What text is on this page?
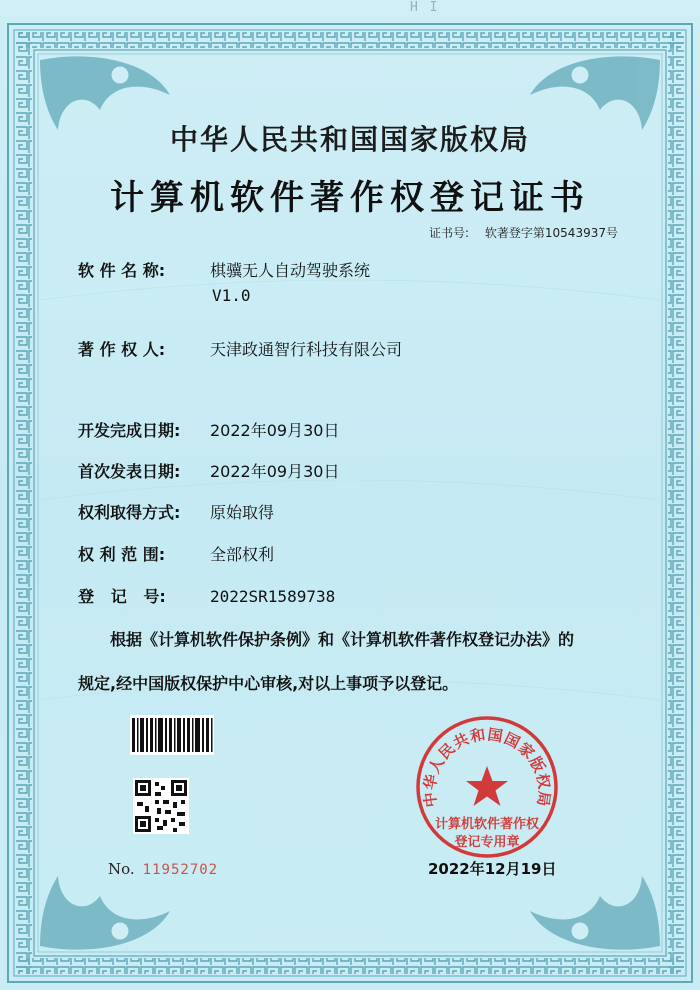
H I
中华人民共和国国家版权局
计算机软件著作权登记证书
证书号: 软著登字第10543937号
软 件 名 称:	棋骥无人自动驾驶系统
V1.0
著 作 权 人:	天津政通智行科技有限公司
开发完成日期: 2022年09月30日
首次发表日期: 2022年09月30日
权利取得方式: 原始取得
权 利 范 围:	全部权利
登   记   号:	2022SR1589738
根据《计算机软件保护条例》和《计算机软件著作权登记办法》的
规定,经中国版权保护中心审核,对以上事项予以登记。
No. 11952702
中华人民共和国国家版权局
计算机软件著作权
登记专用章
2022年12月19日
